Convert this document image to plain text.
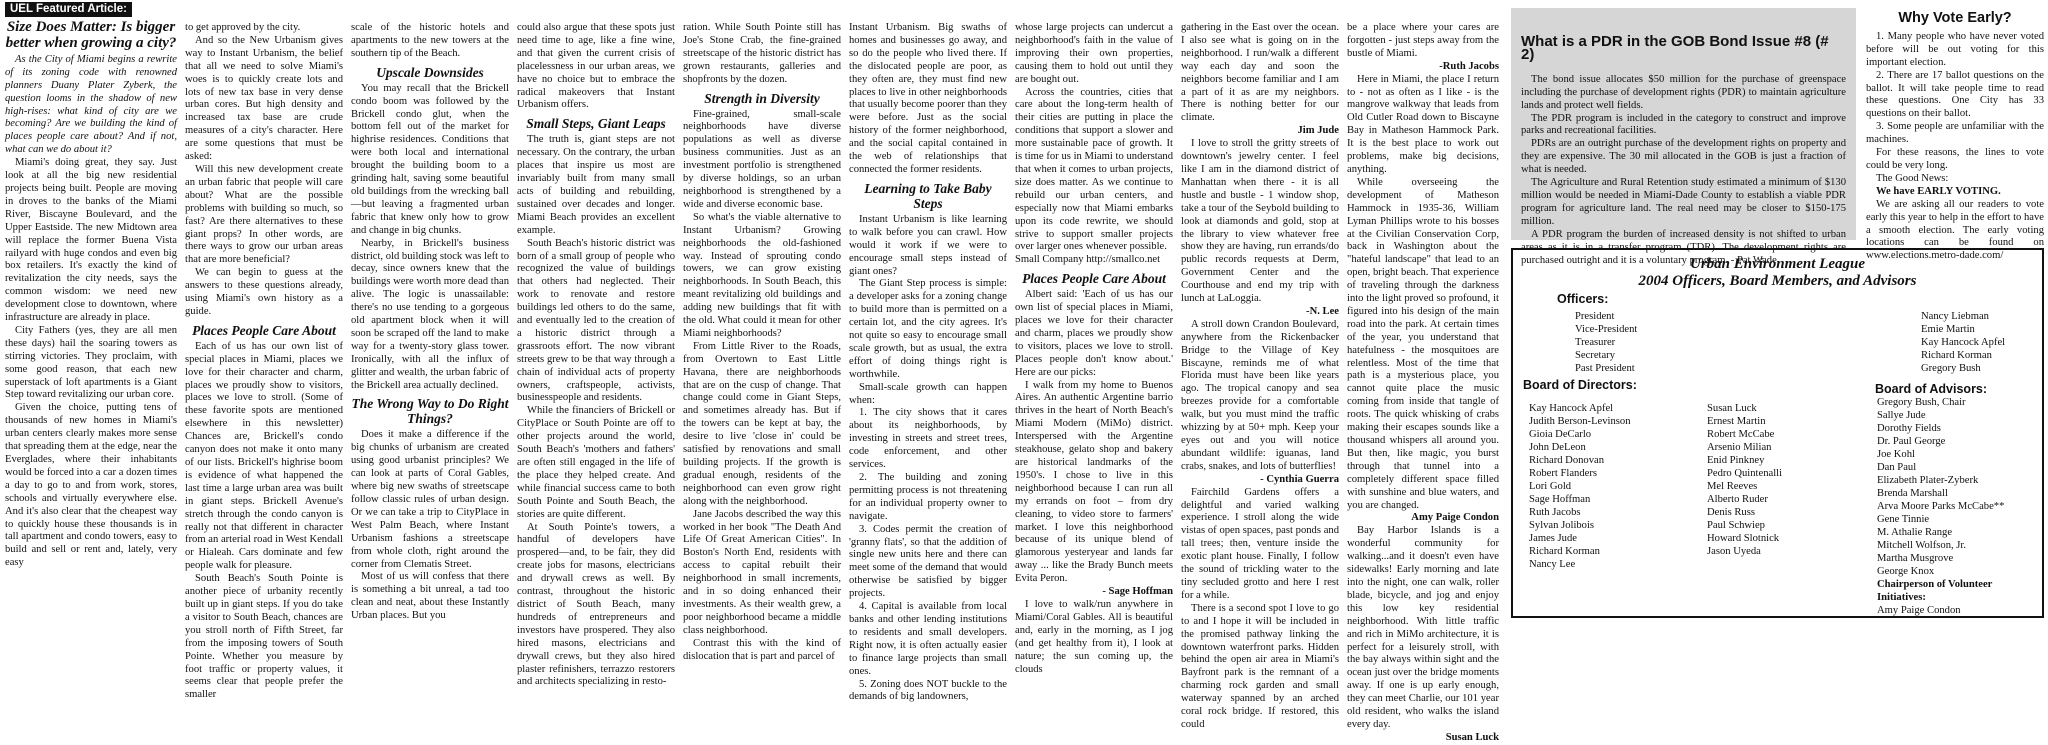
UEL Featured Article:
Size Does Matter: Is bigger better when growing a city?

As the City of Miami begins a rewrite of its zoning code with renowned planners Duany Plater Zyberk, the question looms in the shadow of new high-rises: what kind of city are we becoming? Are we building the kind of places people care about? And if not, what can we do about it?

Miami's doing great, they say. Just look at all the big new residential projects being built. People are moving in droves to the banks of the Miami River, Biscayne Boulevard, and the Upper Eastside. The new Midtown area will replace the former Buena Vista railyard with huge condos and even big box retailers. It's exactly the kind of revitalization the city needs, says the common wisdom: we need new development close to downtown, where infrastructure are already in place.

City Fathers (yes, they are all men these days) hail the soaring towers as stirring victories. They proclaim, with some good reason, that each new superstack of loft apartments is a Giant Step toward revitalizing our urban core.

Given the choice, putting tens of thousands of new homes in Miami's urban centers clearly makes more sense that spreading them at the edge, near the Everglades, where their inhabitants would be forced into a car a dozen times a day to go to and from work, stores, schools and virtually everywhere else. And it's also clear that the cheapest way to quickly house these thousands is in tall apartment and condo towers, easy to build and sell or rent and, lately, very easy

to get approved by the city.

And so the New Urbanism gives way to Instant Urbanism, the belief that all we need to solve Miami's woes is to quickly create lots and lots of new tax base in very dense urban cores. But high density and increased tax base are crude measures of a city's character. Here are some questions that must be asked:

Will this new development create an urban fabric that people will care about? What are the possible problems with building so much, so fast? Are there alternatives to these giant props? In other words, are there ways to grow our urban areas that are more beneficial?

We can begin to guess at the answers to these questions already, using Miami's own history as a guide.

Places People Care About

Each of us has our own list of special places in Miami, places we love for their character and charm, places we proudly show to visitors, places we love to stroll. (Some of these favorite spots are mentioned elsewhere in this newsletter) Chances are, Brickell's condo canyon does not make it onto many of our lists. Brickell's highrise boom is evidence of what happened the last time a large urban area was built in giant steps. Brickell Avenue's stretch through the condo canyon is really not that different in character from an arterial road in West Kendall or Hialeah. Cars dominate and few people walk for pleasure.

South Beach's South Pointe is another piece of urbanity recently built up in giant steps. If you do take a visitor to South Beach, chances are you stroll north of Fifth Street, far from the imposing towers of South Pointe. Whether you measure by foot traffic or property values, it seems clear that people prefer the smaller

scale of the historic hotels and apartments to the new towers at the southern tip of the Beach.

Upscale Downsides

You may recall that the Brickell condo boom was followed by the Brickell condo glut, when the bottom fell out of the market for highrise residences. Conditions that were both local and international brought the building boom to a grinding halt, saving some beautiful old buildings from the wrecking ball—but leaving a fragmented urban fabric that knew only how to grow and change in big chunks.

Nearby, in Brickell's business district, old building stock was left to decay, since owners knew that the buildings were worth more dead than alive. The logic is unassailable: there's no use tending to a gorgeous old apartment block when it will soon be scraped off the land to make way for a twenty-story glass tower. Ironically, with all the influx of glitter and wealth, the urban fabric of the Brickell area actually declined.

The Wrong Way to Do Right Things?

Does it make a difference if the big chunks of urbanism are created using good urbanist principles? We can look at parts of Coral Gables, where big new swaths of streetscape follow classic rules of urban design. Or we can take a trip to CityPlace in West Palm Beach, where Instant Urbanism fashions a streetscape from whole cloth, right around the corner from Clematis Street.

Most of us will confess that there is something a bit unreal, a tad too clean and neat, about these Instantly Urban places. But you

could also argue that these spots just need time to age, like a fine wine, and that given the current crisis of placelessness in our urban areas, we have no choice but to embrace the radical makeovers that Instant Urbanism offers.

Small Steps, Giant Leaps

The truth is, giant steps are not necessary. On the contrary, the urban places that inspire us most are invariably built from many small acts of building and rebuilding, sustained over decades and longer. Miami Beach provides an excellent example.

South Beach's historic district was born of a small group of people who recognized the value of buildings that others had neglected. Their work to renovate and restore buildings led others to do the same, and eventually led to the creation of a historic district through a grassroots effort. The now vibrant streets grew to be that way through a chain of individual acts of property owners, craftspeople, activists, businesspeople and residents.

While the financiers of Brickell or CityPlace or South Pointe are off to other projects around the world, South Beach's 'mothers and fathers' are often still engaged in the life of the place they helped create. And while financial success came to both South Pointe and South Beach, the stories are quite different.

At South Pointe's towers, a handful of developers have prospered—and, to be fair, they did create jobs for masons, electricians and drywall crews as well. By contrast, throughout the historic district of South Beach, many hundreds of entrepreneurs and investors have prospered. They also hired masons, electricians and drywall crews, but they also hired plaster refinishers, terrazzo restorers and architects specializing in resto-

ration. While South Pointe still has Joe's Stone Crab, the fine-grained streetscape of the historic district has grown restaurants, galleries and shopfronts by the dozen.

Strength in Diversity

Fine-grained, small-scale neighborhoods have diverse populations as well as diverse business communities. Just as an investment portfolio is strengthened by diverse holdings, so an urban neighborhood is strengthened by a wide and diverse economic base.

So what's the viable alternative to Instant Urbanism? Growing neighborhoods the old-fashioned way. Instead of sprouting condo towers, we can grow existing neighborhoods. In South Beach, this meant revitalizing old buildings and adding new buildings that fit with the old. What could it mean for other Miami neighborhoods?

From Little River to the Roads, from Overtown to East Little Havana, there are neighborhoods that are on the cusp of change. That change could come in Giant Steps, and sometimes already has. But if the towers can be kept at bay, the desire to live 'close in' could be satisfied by renovations and small building projects. If the growth is gradual enough, residents of the neighborhood can even grow right along with the neighborhood.

Jane Jacobs described the way this worked in her book "The Death And Life Of Great American Cities". In Boston's North End, residents with access to capital rebuilt their neighborhood in small increments, and in so doing enhanced their investments. As their wealth grew, a poor neighborhood became a middle class neighborhood.

Contrast this with the kind of dislocation that is part and parcel of

Instant Urbanism. Big swaths of homes and businesses go away, and so do the people who lived there. If the dislocated people are poor, as they often are, they must find new places to live in other neighborhoods that usually become poorer than they were before. Just as the social history of the former neighborhood, and the social capital contained in the web of relationships that connected the former residents.

Learning to Take Baby Steps

Instant Urbanism is like learning to walk before you can crawl. How would it work if we were to encourage small steps instead of giant ones?

The Giant Step process is simple: a developer asks for a zoning change to build more than is permitted on a certain lot, and the city agrees. It's not quite so easy to encourage small scale growth, but as usual, the extra effort of doing things right is worthwhile.

Small-scale growth can happen when:

1. The city shows that it cares about its neighborhoods, by investing in streets and street trees, code enforcement, and other services.

2. The building and zoning permitting process is not threatening for an individual property owner to navigate.

3. Codes permit the creation of 'granny flats', so that the addition of single new units here and there can meet some of the demand that would otherwise be satisfied by bigger projects.

4. Capital is available from local banks and other lending institutions to residents and small developers. Right now, it is often actually easier to finance large projects than small ones.

5. Zoning does NOT buckle to the demands of big landowners,

whose large projects can undercut a neighborhood's faith in the value of improving their own properties, causing them to hold out until they are bought out.

Across the countries, cities that care about the long-term health of their cities are putting in place the conditions that support a slower and more sustainable pace of growth. It is time for us in Miami to understand that when it comes to urban projects, size does matter. As we continue to rebuild our urban centers, and especially now that Miami embarks upon its code rewrite, we should strive to support smaller projects over larger ones whenever possible.

Small Company http://smallco.net

Places People Care About

Albert said: 'Each of us has our own list of special places in Miami, places we love for their character and charm, places we proudly show to visitors, places we love to stroll. Places people don't know about.' Here are our picks:

I walk from my home to Buenos Aires. An authentic Argentine barrio thrives in the heart of North Beach's Miami Modern (MiMo) district. Interspersed with the Argentine steakhouse, gelato shop and bakery are historical landmarks of the 1950's. I chose to live in this neighborhood because I can run all my errands on foot – from dry cleaning, to video store to farmers' market. I love this neighborhood because of its unique blend of glamorous yesteryear and lands far away ... like the Brady Bunch meets Evita Peron.

- Sage Hoffman

I love to walk/run anywhere in Miami/Coral Gables. All is beautiful and, early in the morning, as I jog (and get healthy from it), I look at nature; the sun coming up, the clouds

gathering in the East over the ocean. I also see what is going on in the neighborhood. I run/walk a different way each day and soon the neighbors become familiar and I am a part of it as are my neighbors. There is nothing better for our climate.

Jim Jude

I love to stroll the gritty streets of downtown's jewelry center. I feel like I am in the diamond district of Manhattan when there - it is all hustle and bustle - 1 window shop, take a tour of the Seybold building to look at diamonds and gold, stop at the library to view whatever free show they are having, run errands/do public records requests at Derm, Government Center and the Courthouse and end my trip with lunch at LaLoggia.

-N. Lee

A stroll down Crandon Boulevard, anywhere from the Rickenbacker Bridge to the Village of Key Biscayne, reminds me of what Florida must have been like years ago. The tropical canopy and sea breezes provide for a comfortable walk, but you must mind the traffic whizzing by at 50+ mph. Keep your eyes out and you will notice abundant wildlife: iguanas, land crabs, snakes, and lots of butterflies!

- Cynthia Guerra

Fairchild Gardens offers a delightful and varied walking experience. I stroll along the wide vistas of open spaces, past ponds and tall trees; then, venture inside the exotic plant house. Finally, I follow the sound of trickling water to the tiny secluded grotto and here I rest for a while.

There is a second spot I love to go to and I hope it will be included in the promised pathway linking the downtown waterfront parks. Hidden behind the open air area in Miami's Bayfront park is the remnant of a charming rock garden and small waterway spanned by an arched coral rock bridge. If restored, this could

be a place where your cares are forgotten - just steps away from the bustle of Miami.

-Ruth Jacobs

Here in Miami, the place I return to - not as often as I like - is the mangrove walkway that leads from Old Cutler Road down to Biscayne Bay in Matheson Hammock Park. It is the best place to work out problems, make big decisions, anything.

While overseeing the development of Matheson Hammock in 1935-36, William Lyman Phillips wrote to his bosses at the Civilian Conservation Corp, back in Washington about the "hateful landscape" that lead to an open, bright beach. That experience of traveling through the darkness into the light proved so profound, it figured into his design of the main road into the park. At certain times of the year, you understand that hatefulness - the mosquitoes are relentless. Most of the time that path is a mysterious place, you cannot quite place the music coming from inside that tangle of roots. The quick whisking of crabs making their escapes sounds like a thousand whispers all around you. But then, like magic, you burst through that tunnel into a completely different space filled with sunshine and blue waters, and you are changed.

Amy Paige Condon

Bay Harbor Islands is a wonderful community for walking...and it doesn't even have sidewalks! Early morning and late into the night, one can walk, roller blade, bicycle, and jog and enjoy this low key residential neighborhood. With little traffic and rich in MiMo architecture, it is perfect for a leisurely stroll, with the bay always within sight and the ocean just over the bridge moments away. If one is up early enough, they can meet Charlie, our 101 year old resident, who walks the island every day.

Susan Luck

What is a PDR in the GOB Bond Issue #8 (# 2)

The bond issue allocates $50 million for the purchase of greenspace including the purchase of development rights (PDR) to maintain agriculture lands and protect well fields.

The PDR program is included in the category to construct and improve parks and recreational facilities.

PDRs are an outright purchase of the development rights on property and they are expensive. The 30 mil allocated in the GOB is just a fraction of what is needed.

The Agriculture and Rural Retention study estimated a minimum of $130 million would be needed in Miami-Dade County to establish a viable PDR program for agriculture land. The real need may be closer to $150-175 million.

A PDR program the burden of increased density is not shifted to urban areas as it is in a transfer program (TDR). The development rights are purchased outright and it is a voluntary program. - Pat Wade

Why Vote Early?

1. Many people who have never voted before will be out voting for this important election.

2. There are 17 ballot questions on the ballot. It will take people time to read these questions. One City has 33 questions on their ballot.

3. Some people are unfamiliar with the machines.

For these reasons, the lines to vote could be very long.

The Good News:

We have EARLY VOTING.

We are asking all our readers to vote early this year to help in the effort to have a smooth election. The early voting locations can be found on www.elections.metro-dade.com/

Urban Environment League
2004 Officers, Board Members, and Advisors
Officers:
President
Vice-President
Treasurer
Secretary
Past President
Nancy Liebman
Emie Martin
Kay Hancock Apfel
Richard Korman
Gregory Bush
Board of Directors:
Kay Hancock Apfel
Judith Berson-Levinson
Gioia DeCarlo
John DeLeon
Richard Donovan
Robert Flanders
Lori Gold
Sage Hoffman
Ruth Jacobs
Sylvan Jolibois
James Jude
Richard Korman
Nancy Lee
Susan Luck
Ernest Martin
Robert McCabe
Arsenio Milian
Enid Pinkney
Pedro Quintenalli
Mel Reeves
Alberto Ruder
Denis Russ
Paul Schwiep
Howard Slotnick
Jason Uyeda
Board of Advisors:
Gregory Bush, Chair
Sallye Jude
Dorothy Fields
Dr. Paul George
Joe Kohl
Dan Paul
Elizabeth Plater-Zyberk
Brenda Marshall
Arva Moore Parks McCabe**
Gene Tinnie
M. Athalie Range
Mitchell Wolfson, Jr.
Martha Musgrove
George Knox
Chairperson of Volunteer Initiatives:
Amy Paige Condon
